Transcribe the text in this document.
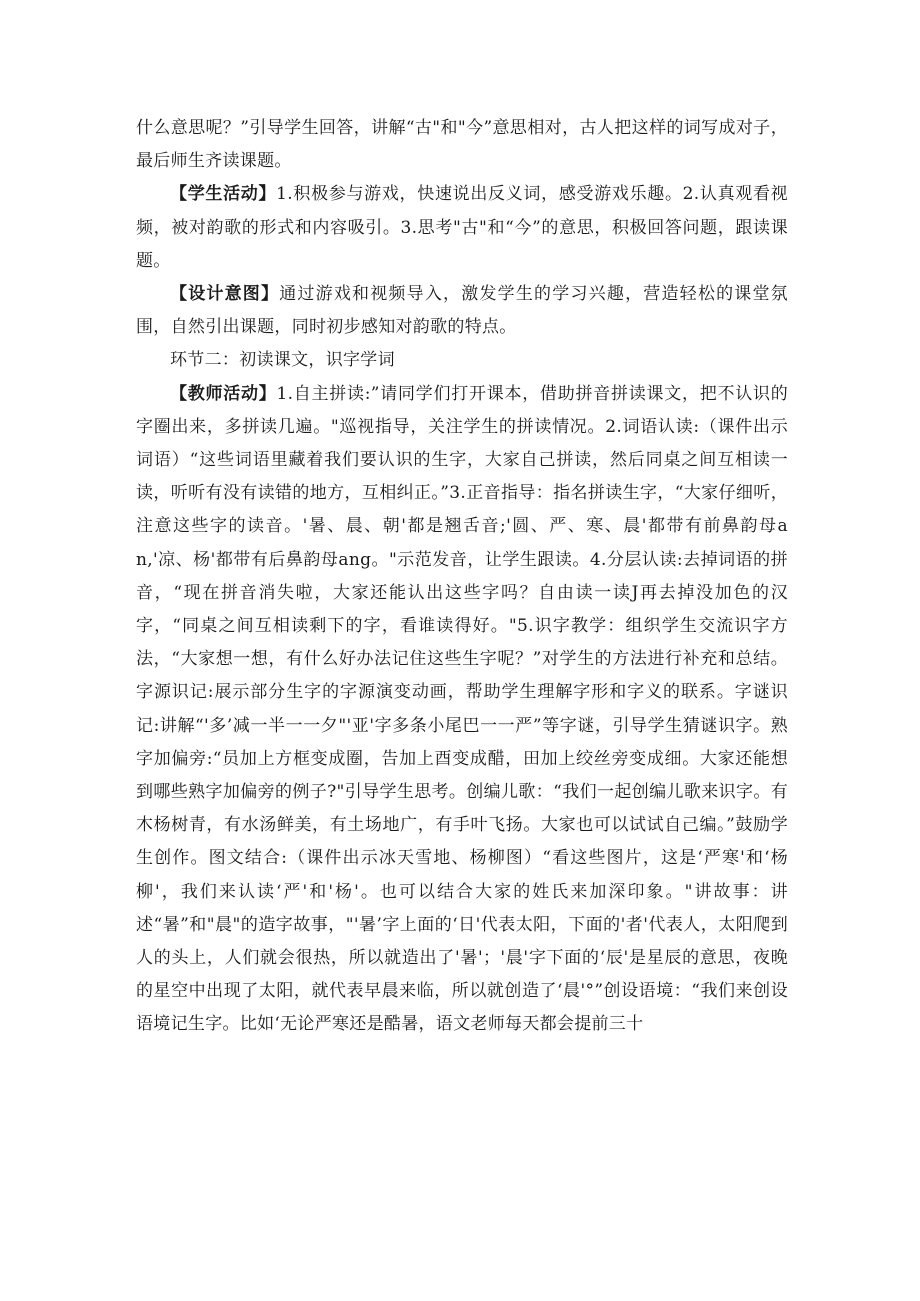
什么意思呢？”引导学生回答，讲解“古"和"今”意思相对，古人把这样的词写成对子，最后师生齐读课题。

【学生活动】1.积极参与游戏，快速说出反义词，感受游戏乐趣。2.认真观看视频，被对韵歌的形式和内容吸引。3.思考"古"和“今”的意思，积极回答问题，跟读课题。

【设计意图】通过游戏和视频导入，激发学生的学习兴趣，营造轻松的课堂氛围，自然引出课题，同时初步感知对韵歌的特点。

环节二：初读课文，识字学词

【教师活动】1.自主拼读:”请同学们打开课本，借助拼音拼读课文，把不认识的字圈出来，多拼读几遍。"巡视指导，关注学生的拼读情况。2.词语认读:（课件出示词语）“这些词语里藏着我们要认识的生字，大家自己拼读，然后同桌之间互相读一读，听听有没有读错的地方，互相纠正。”3.正音指导：指名拼读生字，“大家仔细听，注意这些字的读音。'暑、晨、朝'都是翘舌音;'圆、严、寒、晨'都带有前鼻韵母an,'凉、杨'都带有后鼻韵母ang。"示范发音，让学生跟读。4.分层认读:去掉词语的拼音，“现在拼音消失啦，大家还能认出这些字吗？自由读一读J再去掉没加色的汉字，“同桌之间互相读剩下的字，看谁读得好。"5.识字教学：组织学生交流识字方法，“大家想一想，有什么好办法记住这些生字呢？”对学生的方法进行补充和总结。字源识记:展示部分生字的字源演变动画，帮助学生理解字形和字义的联系。字谜识记:讲解“'多’减一半一一夕"'亚'字多条小尾巴一一严”等字谜，引导学生猜谜识字。熟字加偏旁:“员加上方框变成圈，告加上酉变成醋，田加上绞丝旁变成细。大家还能想到哪些熟字加偏旁的例子?"引导学生思考。创编儿歌：“我们一起创编儿歌来识字。有木杨树青，有水汤鲜美，有土场地广，有手叶飞扬。大家也可以试试自己编。”鼓励学生创作。图文结合:（课件出示冰天雪地、杨柳图）“看这些图片，这是‘严寒'和‘杨柳'，我们来认读‘严'和'杨'。也可以结合大家的姓氏来加深印象。"讲故事：讲述“暑”和"晨"的造字故事，"'暑’字上面的‘日'代表太阳，下面的'者'代表人，太阳爬到人的头上，人们就会很热，所以就造出了'暑'；'晨'字下面的‘辰'是星辰的意思，夜晚的星空中出现了太阳，就代表早晨来临，所以就创造了‘晨'°”创设语境：“我们来创设语境记生字。比如‘无论严寒还是酷暑，语文老师每天都会提前三十
